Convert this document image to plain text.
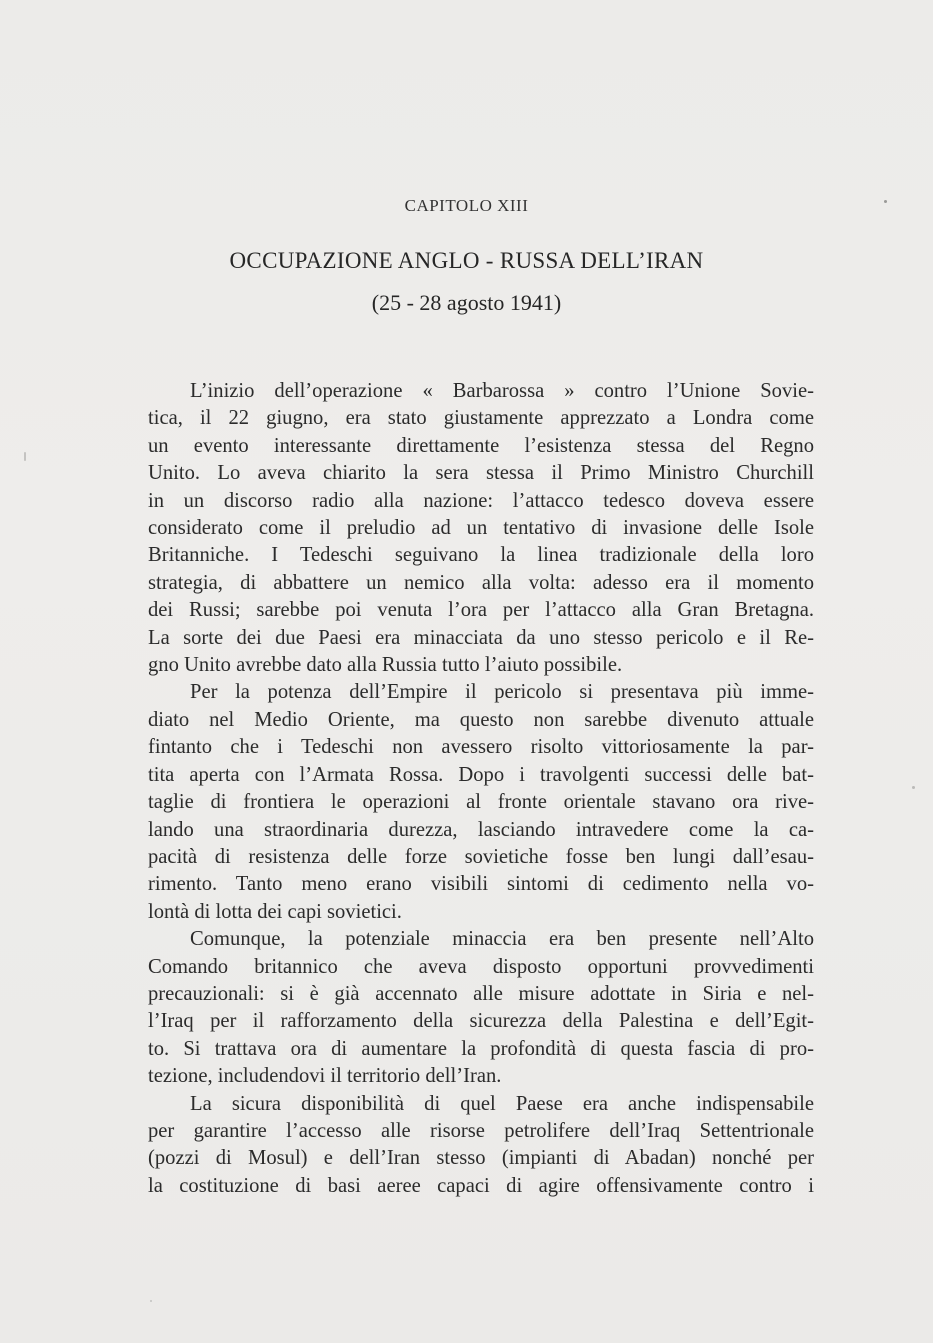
CAPITOLO XIII
OCCUPAZIONE ANGLO - RUSSA DELL’IRAN
(25 - 28 agosto 1941)
L’inizio dell’operazione « Barbarossa » contro l’Unione Sovie-
tica, il 22 giugno, era stato giustamente apprezzato a Londra come
un evento interessante direttamente l’esistenza stessa del Regno
Unito. Lo aveva chiarito la sera stessa il Primo Ministro Churchill
in un discorso radio alla nazione: l’attacco tedesco doveva essere
considerato come il preludio ad un tentativo di invasione delle Isole
Britanniche. I Tedeschi seguivano la linea tradizionale della loro
strategia, di abbattere un nemico alla volta: adesso era il momento
dei Russi; sarebbe poi venuta l’ora per l’attacco alla Gran Bretagna.
La sorte dei due Paesi era minacciata da uno stesso pericolo e il Re-
gno Unito avrebbe dato alla Russia tutto l’aiuto possibile.
Per la potenza dell’Empire il pericolo si presentava più imme-
diato nel Medio Oriente, ma questo non sarebbe divenuto attuale
fintanto che i Tedeschi non avessero risolto vittoriosamente la par-
tita aperta con l’Armata Rossa. Dopo i travolgenti successi delle bat-
taglie di frontiera le operazioni al fronte orientale stavano ora rive-
lando una straordinaria durezza, lasciando intravedere come la ca-
pacità di resistenza delle forze sovietiche fosse ben lungi dall’esau-
rimento. Tanto meno erano visibili sintomi di cedimento nella vo-
lontà di lotta dei capi sovietici.
Comunque, la potenziale minaccia era ben presente nell’Alto
Comando britannico che aveva disposto opportuni provvedimenti
precauzionali: si è già accennato alle misure adottate in Siria e nel-
l’Iraq per il rafforzamento della sicurezza della Palestina e dell’Egit-
to. Si trattava ora di aumentare la profondità di questa fascia di pro-
tezione, includendovi il territorio dell’Iran.
La sicura disponibilità di quel Paese era anche indispensabile
per garantire l’accesso alle risorse petrolifere dell’Iraq Settentrionale
(pozzi di Mosul) e dell’Iran stesso (impianti di Abadan) nonché per
la costituzione di basi aeree capaci di agire offensivamente contro i
